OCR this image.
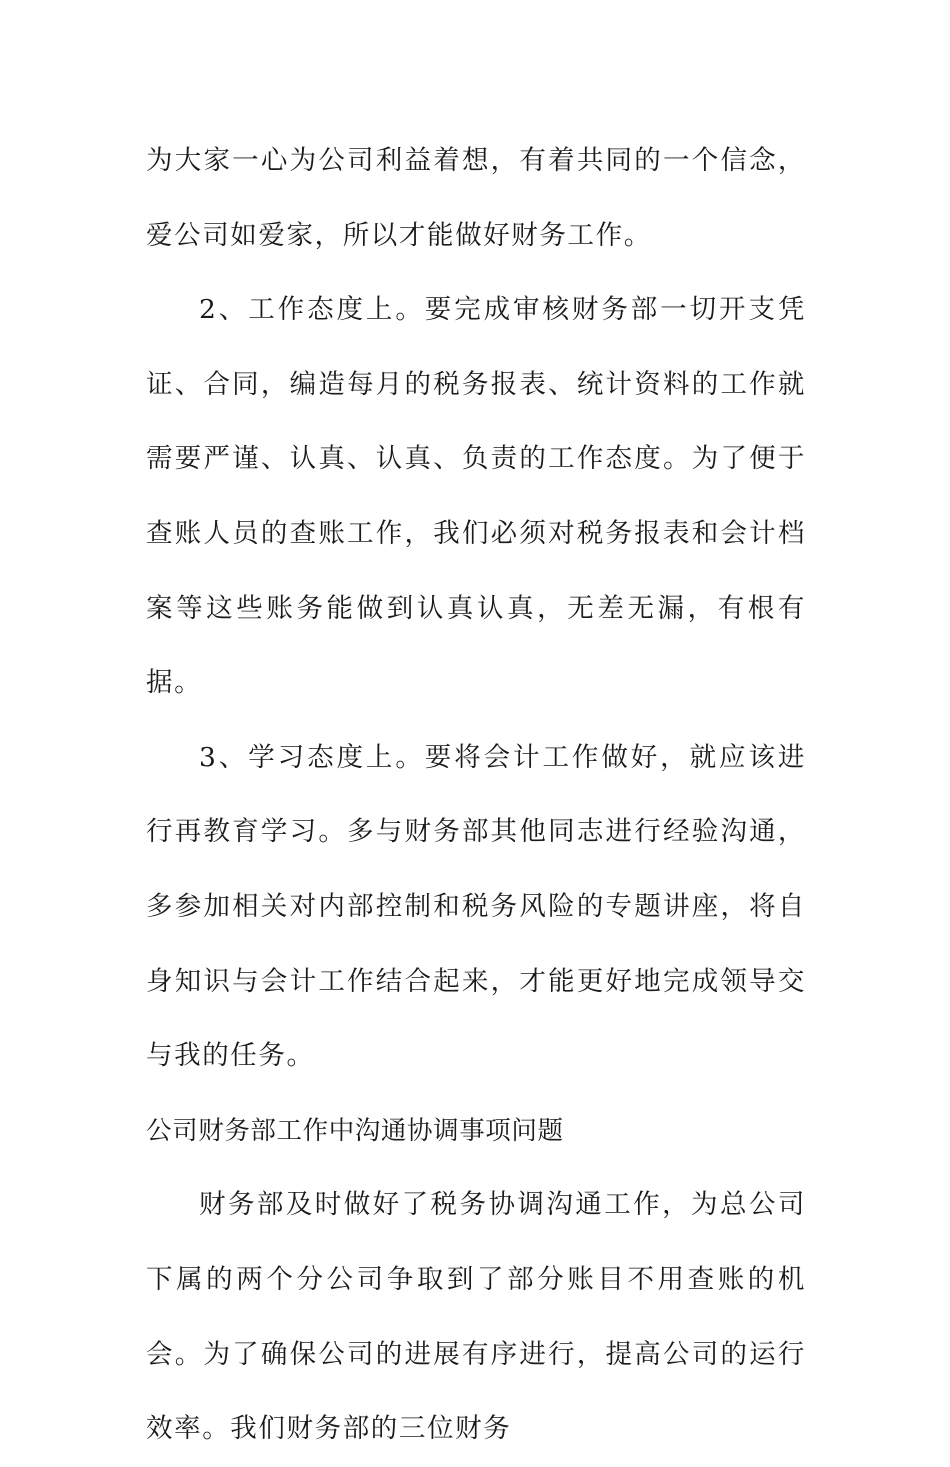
为大家一心为公司利益着想，有着共同的一个信念，爱公司如爱家，所以才能做好财务工作。

2、工作态度上。要完成审核财务部一切开支凭证、合同，编造每月的税务报表、统计资料的工作就需要严谨、认真、认真、负责的工作态度。为了便于查账人员的查账工作，我们必须对税务报表和会计档案等这些账务能做到认真认真，无差无漏，有根有据。

3、学习态度上。要将会计工作做好，就应该进行再教育学习。多与财务部其他同志进行经验沟通，多参加相关对内部控制和税务风险的专题讲座，将自身知识与会计工作结合起来，才能更好地完成领导交与我的任务。

公司财务部工作中沟通协调事项问题

财务部及时做好了税务协调沟通工作，为总公司下属的两个分公司争取到了部分账目不用查账的机会。为了确保公司的进展有序进行，提高公司的运行效率。我们财务部的三位财务
